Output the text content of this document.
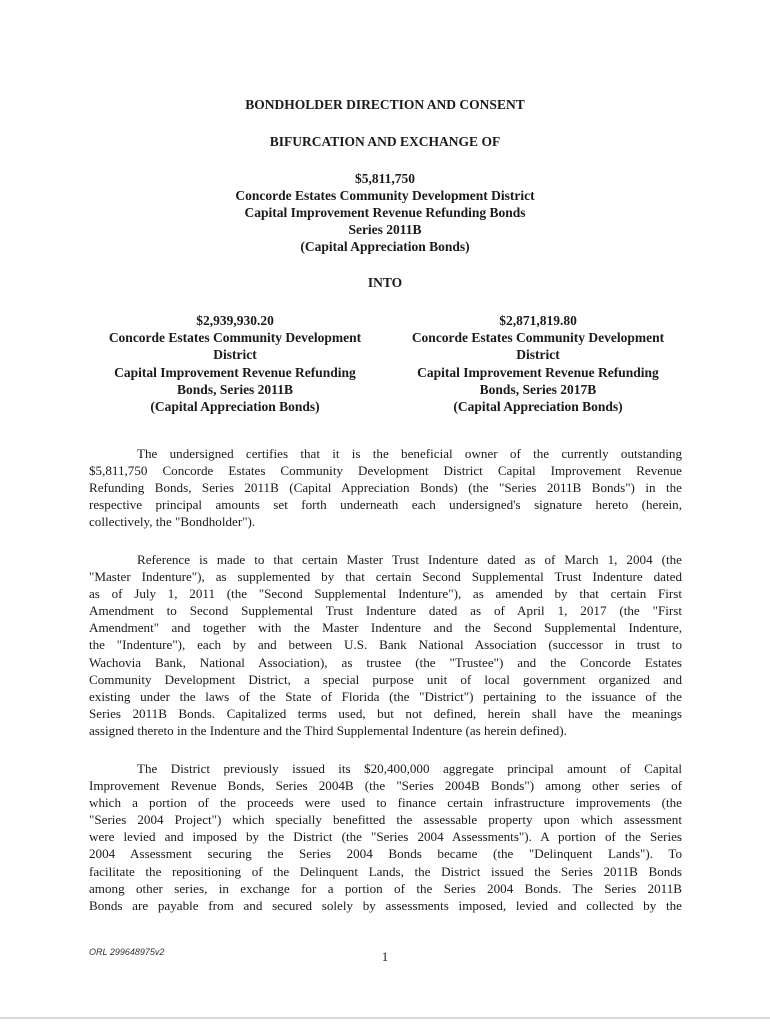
BONDHOLDER DIRECTION AND CONSENT
BIFURCATION AND EXCHANGE OF
$5,811,750
Concorde Estates Community Development District
Capital Improvement Revenue Refunding Bonds
Series 2011B
(Capital Appreciation Bonds)
INTO
$2,939,930.20
Concorde Estates Community Development
District
Capital Improvement Revenue Refunding
Bonds, Series 2011B
(Capital Appreciation Bonds)
$2,871,819.80
Concorde Estates Community Development
District
Capital Improvement Revenue Refunding
Bonds, Series 2017B
(Capital Appreciation Bonds)
The undersigned certifies that it is the beneficial owner of the currently outstanding
$5,811,750 Concorde Estates Community Development District Capital Improvement Revenue
Refunding Bonds, Series 2011B (Capital Appreciation Bonds) (the "Series 2011B Bonds") in the
respective principal amounts set forth underneath each undersigned's signature hereto (herein,
collectively, the "Bondholder").
Reference is made to that certain Master Trust Indenture dated as of March 1, 2004 (the
"Master Indenture"), as supplemented by that certain Second Supplemental Trust Indenture dated
as of July 1, 2011 (the "Second Supplemental Indenture"), as amended by that certain First
Amendment to Second Supplemental Trust Indenture dated as of April 1, 2017 (the "First
Amendment" and together with the Master Indenture and the Second Supplemental Indenture,
the "Indenture"), each by and between U.S. Bank National Association (successor in trust to
Wachovia Bank, National Association), as trustee (the "Trustee") and the Concorde Estates
Community Development District, a special purpose unit of local government organized and
existing under the laws of the State of Florida (the "District") pertaining to the issuance of the
Series 2011B Bonds. Capitalized terms used, but not defined, herein shall have the meanings
assigned thereto in the Indenture and the Third Supplemental Indenture (as herein defined).
The District previously issued its $20,400,000 aggregate principal amount of Capital
Improvement Revenue Bonds, Series 2004B (the "Series 2004B Bonds") among other series of
which a portion of the proceeds were used to finance certain infrastructure improvements (the
"Series 2004 Project") which specially benefitted the assessable property upon which assessment
were levied and imposed by the District (the "Series 2004 Assessments"). A portion of the Series
2004 Assessment securing the Series 2004 Bonds became (the "Delinquent Lands"). To
facilitate the repositioning of the Delinquent Lands, the District issued the Series 2011B Bonds
among other series, in exchange for a portion of the Series 2004 Bonds. The Series 2011B
Bonds are payable from and secured solely by assessments imposed, levied and collected by the
ORL 299648975v2	1
